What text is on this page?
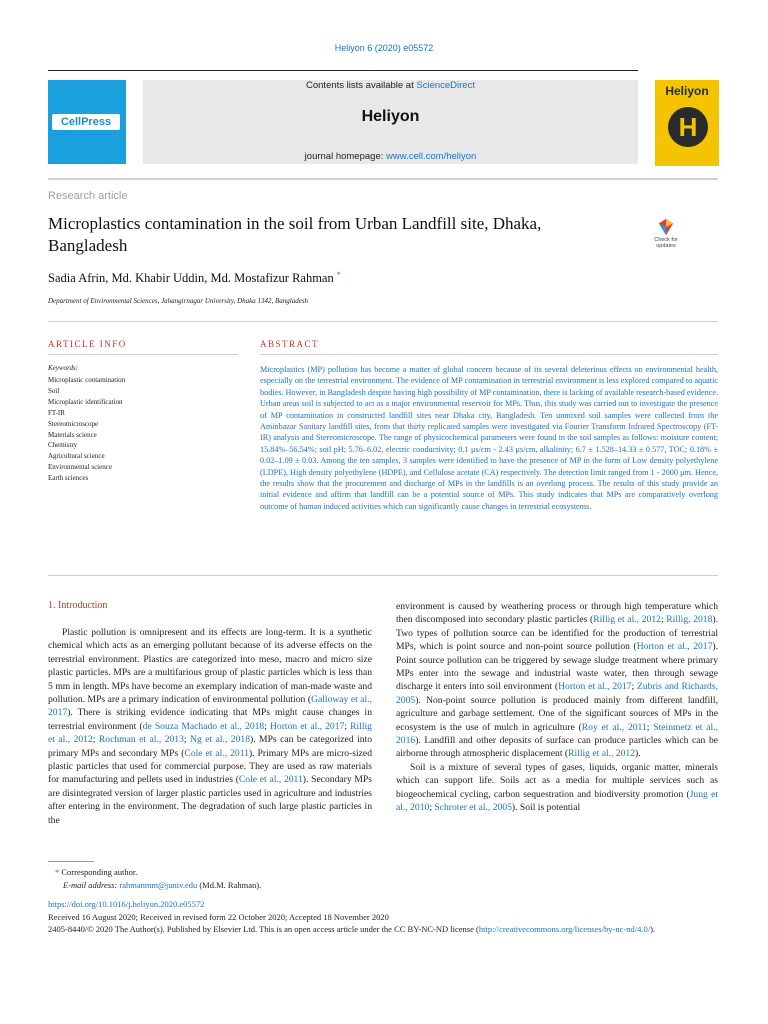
Heliyon 6 (2020) e05572
CellPress
Contents lists available at ScienceDirect
Heliyon
journal homepage: www.cell.com/heliyon
Heliyon
H
Research article
Microplastics contamination in the soil from Urban Landfill site, Dhaka, Bangladesh	Check for updates
Sadia Afrin, Md. Khabir Uddin, Md. Mostafizur Rahman *
Department of Environmental Sciences, Jahangirnagar University, Dhaka 1342, Bangladesh
ARTICLE INFO
Keywords:
Microplastic contamination
Soil
Microplastic identification
FT-IR
Stereomicroscope
Materials science
Chemistry
Agricultural science
Environmental science
Earth sciences
ABSTRACT
Microplastics (MP) pollution has become a matter of global concern because of its several deleterious effects on environmental health, especially on the terrestrial environment. The evidence of MP contamination in terrestrial environment is less explored compared to aquatic bodies. However, in Bangladesh despite having high possibility of MP contamination, there is lacking of available research-based evidence. Urban areas soil is subjected to act as a major environmental reservoir for MPs. Thus, this study was carried out to investigate the presence of MP contamination in constructed landfill sites near Dhaka city, Bangladesh. Ten unmixed soil samples were collected from the Aminbazar Sanitary landfill sites, from that thirty replicated samples were investigated via Fourier Transform Infrared Spectroscopy (FT-IR) analysis and Stereomicroscope. The range of physicochemical parameters were found in the soil samples as follows: moisture content; 15.84%–56.54%; soil pH; 5.76–6.02, electric conductivity; 0.1 μs/cm - 2.43 μs/cm, alkalinity; 6.7 ± 1.528–14.33 ± 0.577, TOC; 0.18% ± 0.02–1.09 ± 0.03. Among the ten samples, 3 samples were identified to have the presence of MP in the form of Low density polyethylene (LDPE), High density polyethylene (HDPE), and Cellulose acetate (CA) respectively. The detection limit ranged from 1 - 2000 μm. Hence, the results show that the procurement and discharge of MPs in the landfills is an overlong process. The results of this study provide an initial evidence and affirm that landfill can be a potential source of MPs. This study indicates that MPs are comparatively overlong outcome of human induced activities which can significantly cause changes in terrestrial ecosystems.
1. Introduction

Plastic pollution is omnipresent and its effects are long-term. It is a synthetic chemical which acts as an emerging pollutant because of its adverse effects on the terrestrial environment. Plastics are categorized into meso, macro and micro size plastic particles. MPs are a multifarious group of plastic particles which is less than 5 mm in length. MPs have become an exemplary indication of man-made waste and pollution. MPs are a primary indication of environmental pollution (Galloway et al., 2017). There is striking evidence indicating that MPs might cause changes in terrestrial environment (de Souza Machado et al., 2018; Horton et al., 2017; Rillig et al., 2012; Rochman et al., 2013; Ng et al., 2018). MPs can be categorized into primary MPs and secondary MPs (Cole et al., 2011). Primary MPs are micro-sized plastic particles that used for commercial purpose. They are used as raw materials for manufacturing and pellets used in industries (Cole et al., 2011). Secondary MPs are disintegrated version of larger plastic particles used in agriculture and industries after entering in the environment. The degradation of such large plastic particles in the

environment is caused by weathering process or through high temperature which then discomposed into secondary plastic particles (Rillig et al., 2012; Rillig, 2018). Two types of pollution source can be identified for the production of terrestrial MPs, which is point source and non-point source pollution (Horton et al., 2017). Point source pollution can be triggered by sewage sludge treatment where primary MPs enter into the sewage and industrial waste water, then through sewage discharge it enters into soil environment (Horton et al., 2017; Zubris and Richards, 2005). Non-point source pollution is produced mainly from different landfill, agriculture and garbage settlement. One of the significant sources of MPs in the ecosystem is the use of mulch in agriculture (Roy et al., 2011; Steinmetz et al., 2016). Landfill and other deposits of surface can produce particles which can be airborne through atmospheric displacement (Rillig et al., 2012).

Soil is a mixture of several types of gases, liquids, organic matter, minerals which can support life. Soils act as a media for multiple services such as biogeochemical cycling, carbon sequestration and biodiversity promotion (Jung et al., 2010; Schroter et al., 2005). Soil is potential

* Corresponding author.
E-mail address: rahmanmm@juniv.edu (Md.M. Rahman).
https://doi.org/10.1016/j.heliyon.2020.e05572
Received 16 August 2020; Received in revised form 22 October 2020; Accepted 18 November 2020
2405-8440/© 2020 The Author(s). Published by Elsevier Ltd. This is an open access article under the CC BY-NC-ND license (http://creativecommons.org/licenses/by-nc-nd/4.0/).
